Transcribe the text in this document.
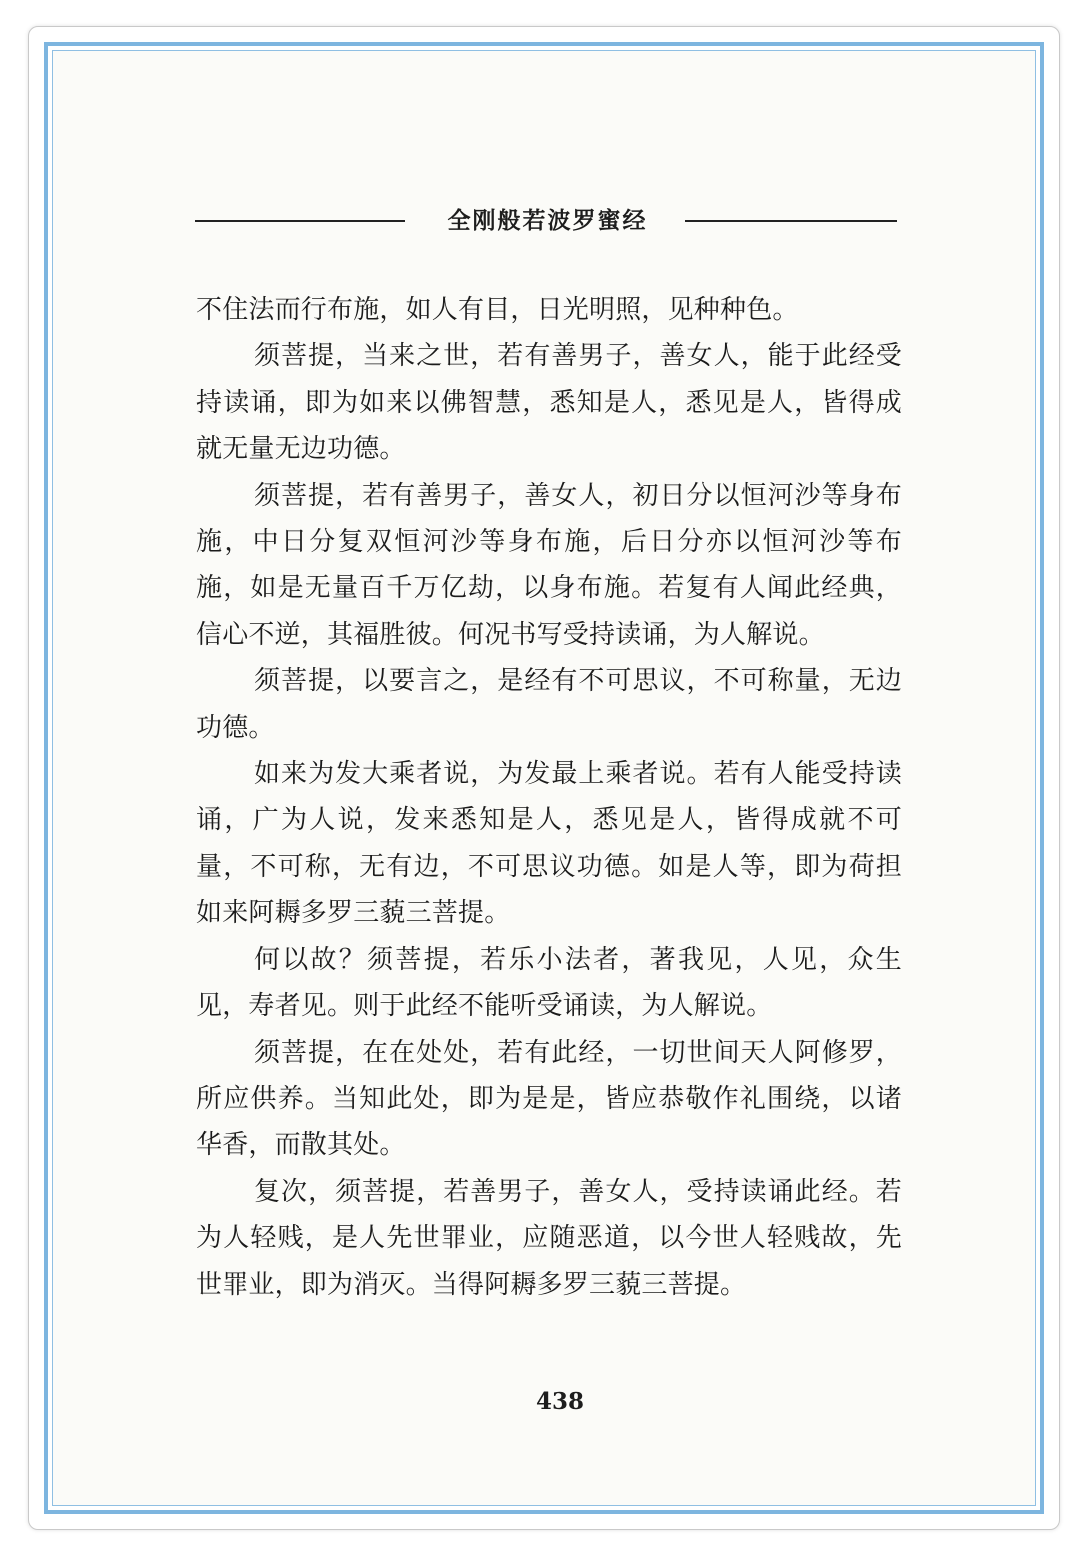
全刚般若波罗蜜经

不住法而行布施，如人有目，日光明照，见种种色。

须菩提，当来之世，若有善男子，善女人，能于此经受持读诵，即为如来以佛智慧，悉知是人，悉见是人，皆得成就无量无边功德。

须菩提，若有善男子，善女人，初日分以恒河沙等身布施，中日分复双恒河沙等身布施，后日分亦以恒河沙等布施，如是无量百千万亿劫，以身布施。若复有人闻此经典，信心不逆，其福胜彼。何况书写受持读诵，为人解说。

须菩提，以要言之，是经有不可思议，不可称量，无边功德。

如来为发大乘者说，为发最上乘者说。若有人能受持读诵，广为人说，发来悉知是人，悉见是人，皆得成就不可量，不可称，无有边，不可思议功德。如是人等，即为荷担如来阿耨多罗三藐三菩提。

何以故？须菩提，若乐小法者，著我见，人见，众生见，寿者见。则于此经不能听受诵读，为人解说。

须菩提，在在处处，若有此经，一切世间天人阿修罗，所应供养。当知此处，即为是是，皆应恭敬作礼围绕，以诸华香，而散其处。

复次，须菩提，若善男子，善女人，受持读诵此经。若为人轻贱，是人先世罪业，应随恶道，以今世人轻贱故，先世罪业，即为消灭。当得阿耨多罗三藐三菩提。

438
